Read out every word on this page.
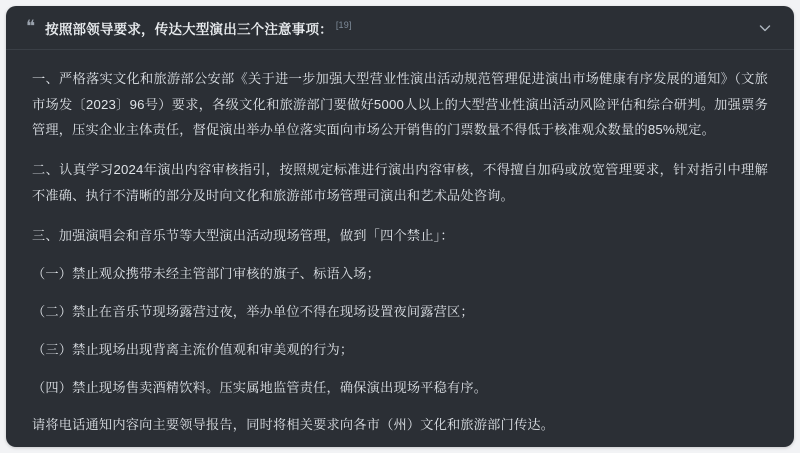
❝ 按照部领导要求，传达大型演出三个注意事项： [19]

一、严格落实文化和旅游部公安部《关于进一步加强大型营业性演出活动规范管理促进演出市场健康有序发展的通知》（文旅市场发〔2023〕96号）要求，各级文化和旅游部门要做好5000人以上的大型营业性演出活动风险评估和综合研判。加强票务管理，压实企业主体责任，督促演出举办单位落实面向市场公开销售的门票数量不得低于核准观众数量的85%规定。

二、认真学习2024年演出内容审核指引，按照规定标准进行演出内容审核，不得擅自加码或放宽管理要求，针对指引中理解不准确、执行不清晰的部分及时向文化和旅游部市场管理司演出和艺术品处咨询。

三、加强演唱会和音乐节等大型演出活动现场管理，做到「四个禁止」：

（一）禁止观众携带未经主管部门审核的旗子、标语入场；

（二）禁止在音乐节现场露营过夜，举办单位不得在现场设置夜间露营区；

（三）禁止现场出现背离主流价值观和审美观的行为；

（四）禁止现场售卖酒精饮料。压实属地监管责任，确保演出现场平稳有序。

请将电话通知内容向主要领导报告，同时将相关要求向各市（州）文化和旅游部门传达。
